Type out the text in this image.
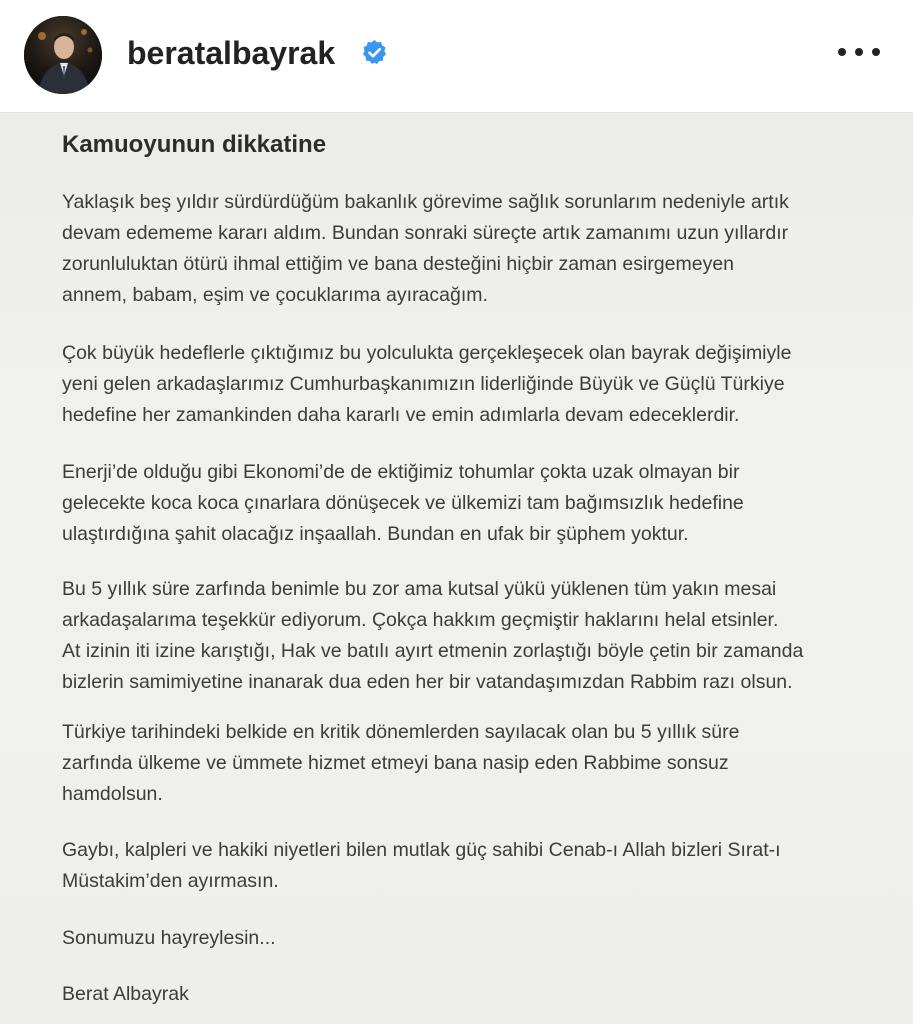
beratalbayrak
Kamuoyunun dikkatine

Yaklaşık beş yıldır sürdürdüğüm bakanlık görevime sağlık sorunlarım nedeniyle artık
devam edememe kararı aldım. Bundan sonraki süreçte artık zamanımı uzun yıllardır
zorunluluktan ötürü ihmal ettiğim ve bana desteğini hiçbir zaman esirgemeyen
annem, babam, eşim ve çocuklarıma ayıracağım.

Çok büyük hedeflerle çıktığımız bu yolculukta gerçekleşecek olan bayrak değişimiyle
yeni gelen arkadaşlarımız Cumhurbaşkanımızın liderliğinde Büyük ve Güçlü Türkiye
hedefine her zamankinden daha kararlı ve emin adımlarla devam edeceklerdir.

Enerji’de olduğu gibi Ekonomi’de de ektiğimiz tohumlar çokta uzak olmayan bir
gelecekte koca koca çınarlara dönüşecek ve ülkemizi tam bağımsızlık hedefine
ulaştırdığına şahit olacağız inşaallah. Bundan en ufak bir şüphem yoktur.

Bu 5 yıllık süre zarfında benimle bu zor ama kutsal yükü yüklenen tüm yakın mesai
arkadaşalarıma teşekkür ediyorum. Çokça hakkım geçmiştir haklarını helal etsinler.
At izinin iti izine karıştığı, Hak ve batılı ayırt etmenin zorlaştığı böyle çetin bir zamanda
bizlerin samimiyetine inanarak dua eden her bir vatandaşımızdan Rabbim razı olsun.

Türkiye tarihindeki belkide en kritik dönemlerden sayılacak olan bu 5 yıllık süre
zarfında ülkeme ve ümmete hizmet etmeyi bana nasip eden Rabbime sonsuz
hamdolsun.

Gaybı, kalpleri ve hakiki niyetleri bilen mutlak güç sahibi Cenab-ı Allah bizleri Sırat-ı
Müstakim’den ayırmasın.

Sonumuzu hayreylesin...

Berat Albayrak
